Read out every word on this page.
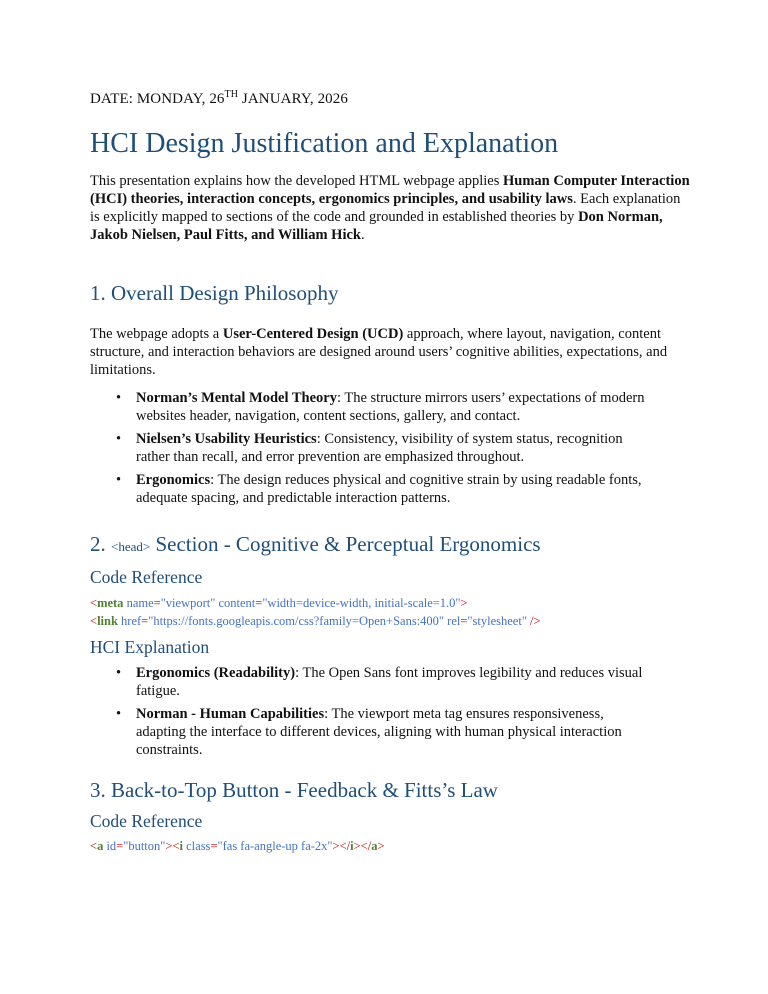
DATE: MONDAY, 26TH JANUARY, 2026
HCI Design Justification and Explanation

This presentation explains how the developed HTML webpage applies Human Computer Interaction (HCI) theories, interaction concepts, ergonomics principles, and usability laws. Each explanation is explicitly mapped to sections of the code and grounded in established theories by Don Norman, Jakob Nielsen, Paul Fitts, and William Hick.

1. Overall Design Philosophy

The webpage adopts a User-Centered Design (UCD) approach, where layout, navigation, content structure, and interaction behaviors are designed around users’ cognitive abilities, expectations, and limitations.

• Norman’s Mental Model Theory: The structure mirrors users’ expectations of modern websites header, navigation, content sections, gallery, and contact.
• Nielsen’s Usability Heuristics: Consistency, visibility of system status, recognition rather than recall, and error prevention are emphasized throughout.
• Ergonomics: The design reduces physical and cognitive strain by using readable fonts, adequate spacing, and predictable interaction patterns.
2. <head> Section - Cognitive & Perceptual Ergonomics
Code Reference
<meta name="viewport" content="width=device-width, initial-scale=1.0">
<link href="https://fonts.googleapis.com/css?family=Open+Sans:400" rel="stylesheet" />
HCI Explanation
• Ergonomics (Readability): The Open Sans font improves legibility and reduces visual fatigue.
• Norman - Human Capabilities: The viewport meta tag ensures responsiveness, adapting the interface to different devices, aligning with human physical interaction constraints.
3. Back-to-Top Button - Feedback & Fitts’s Law
Code Reference
<a id="button"><i class="fas fa-angle-up fa-2x"></i></a>
